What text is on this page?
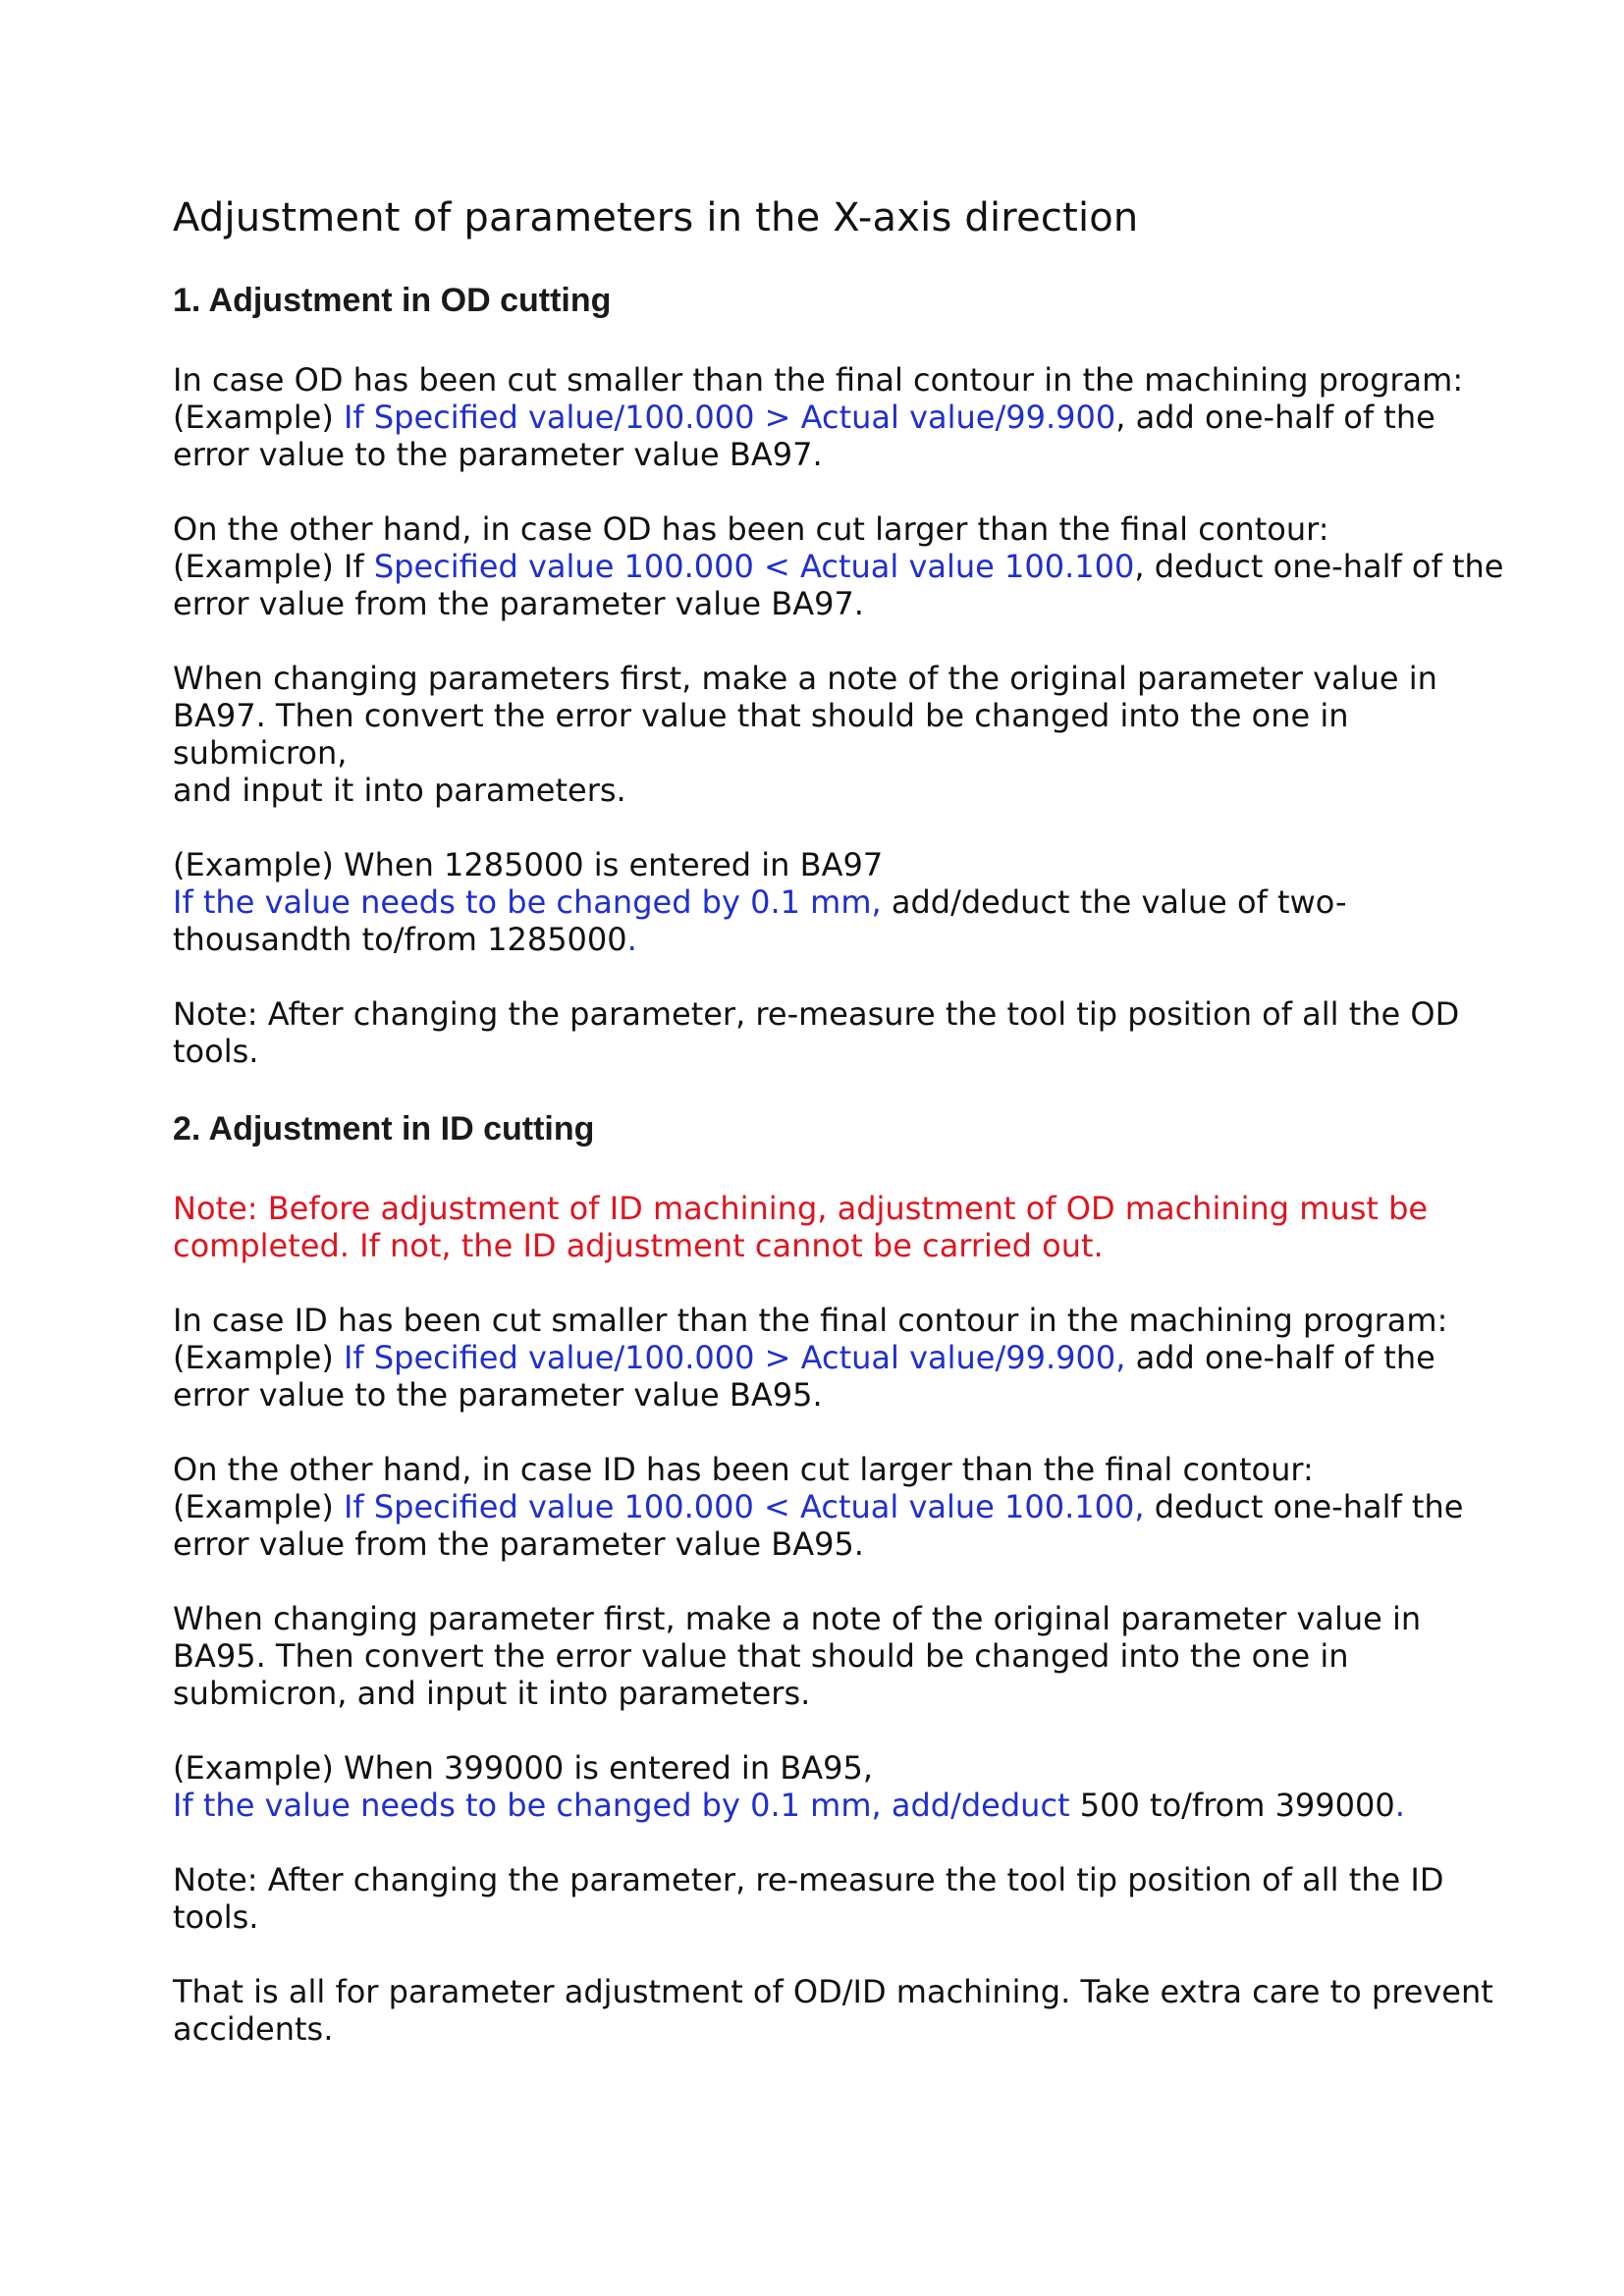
Adjustment of parameters in the X-axis direction
1. Adjustment in OD cutting

In case OD has been cut smaller than the final contour in the machining program:
(Example) If Specified value/100.000 > Actual value/99.900, add one-half of the
error value to the parameter value BA97.

On the other hand, in case OD has been cut larger than the final contour:
(Example) If Specified value 100.000 < Actual value 100.100, deduct one-half of the
error value from the parameter value BA97.

When changing parameters first, make a note of the original parameter value in
BA97. Then convert the error value that should be changed into the one in submicron,
and input it into parameters.

(Example) When 1285000 is entered in BA97
If the value needs to be changed by 0.1 mm, add/deduct the value of two-
thousandth to/from 1285000.

Note: After changing the parameter, re-measure the tool tip position of all the OD
tools.

2. Adjustment in ID cutting

Note: Before adjustment of ID machining, adjustment of OD machining must be
completed. If not, the ID adjustment cannot be carried out.

In case ID has been cut smaller than the final contour in the machining program:
(Example) If Specified value/100.000 > Actual value/99.900, add one-half of the
error value to the parameter value BA95.

On the other hand, in case ID has been cut larger than the final contour:
(Example) If Specified value 100.000 < Actual value 100.100, deduct one-half the
error value from the parameter value BA95.

When changing parameter first, make a note of the original parameter value in
BA95. Then convert the error value that should be changed into the one in
submicron, and input it into parameters.

(Example) When 399000 is entered in BA95,
If the value needs to be changed by 0.1 mm, add/deduct 500 to/from 399000.

Note: After changing the parameter, re-measure the tool tip position of all the ID
tools.

That is all for parameter adjustment of OD/ID machining. Take extra care to prevent
accidents.
